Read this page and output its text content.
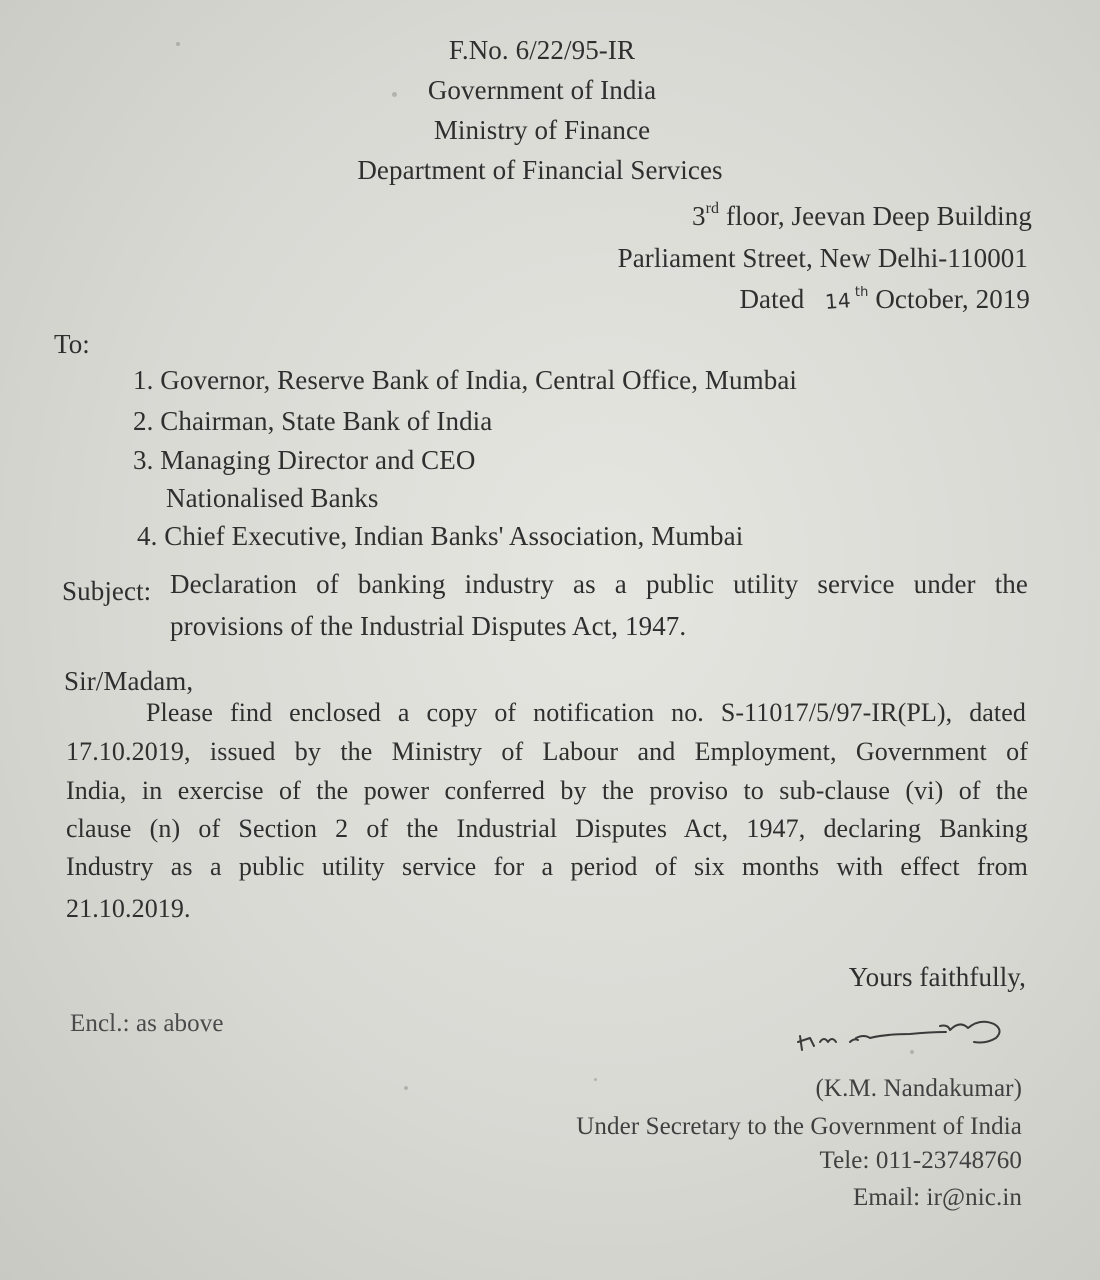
F.No. 6/22/95-IR
Government of India
Ministry of Finance
Department of Financial Services
3rd floor, Jeevan Deep Building
Parliament Street, New Delhi-110001
Dated 14 $^{th}$ October, 2019
To:
1. Governor, Reserve Bank of India, Central Office, Mumbai
2. Chairman, State Bank of India
3. Managing Director and CEO
Nationalised Banks
4. Chief Executive, Indian Banks' Association, Mumbai
Subject: Declaration of banking industry as a public utility service under the
provisions of the Industrial Disputes Act, 1947.
Sir/Madam,
Please find enclosed a copy of notification no. S-11017/5/97-IR(PL), dated
17.10.2019, issued by the Ministry of Labour and Employment, Government of
India, in exercise of the power conferred by the proviso to sub-clause (vi) of the
clause (n) of Section 2 of the Industrial Disputes Act, 1947, declaring Banking
Industry as a public utility service for a period of six months with effect from
21.10.2019.
Yours faithfully,
Encl.: as above
(K.M. Nandakumar)
Under Secretary to the Government of India
Tele: 011-23748760
Email: ir@nic.in
